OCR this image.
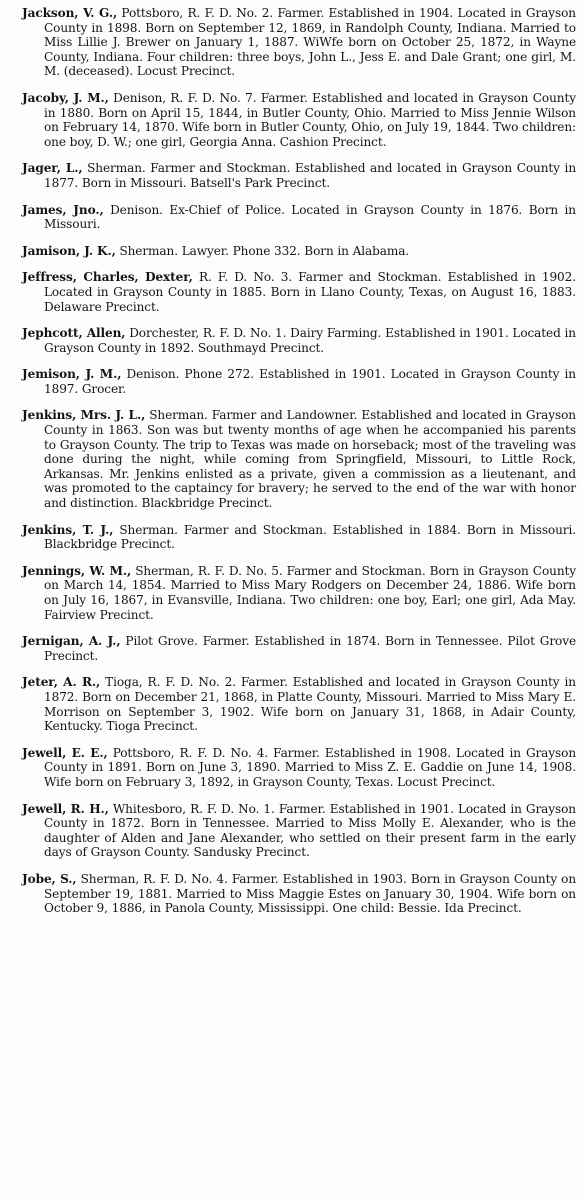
Jackson, V. G., Pottsboro, R. F. D. No. 2. Farmer. Established in 1904. Located in Grayson County in 1898. Born on September 12, 1869, in Randolph County, Indiana. Married to Miss Lillie J. Brewer on January 1, 1887. WiWfe born on October 25, 1872, in Wayne County, Indiana. Four children: three boys, John L., Jess E. and Dale Grant; one girl, M. M. (deceased). Locust Precinct.

Jacoby, J. M., Denison, R. F. D. No. 7. Farmer. Established and located in Grayson County in 1880. Born on April 15, 1844, in Butler County, Ohio. Married to Miss Jennie Wilson on February 14, 1870. Wife born in Butler County, Ohio, on July 19, 1844. Two children: one boy, D. W.; one girl, Georgia Anna. Cashion Precinct.

Jager, L., Sherman. Farmer and Stockman. Established and located in Grayson County in 1877. Born in Missouri. Batsell's Park Precinct.

James, Jno., Denison. Ex-Chief of Police. Located in Grayson County in 1876. Born in Missouri.

Jamison, J. K., Sherman. Lawyer. Phone 332. Born in Alabama.

Jeffress, Charles, Dexter, R. F. D. No. 3. Farmer and Stockman. Established in 1902. Located in Grayson County in 1885. Born in Llano County, Texas, on August 16, 1883. Delaware Precinct.

Jephcott, Allen, Dorchester, R. F. D. No. 1. Dairy Farming. Established in 1901. Located in Grayson County in 1892. Southmayd Precinct.

Jemison, J. M., Denison. Phone 272. Established in 1901. Located in Grayson County in 1897. Grocer.

Jenkins, Mrs. J. L., Sherman. Farmer and Landowner. Established and located in Grayson County in 1863. Son was but twenty months of age when he accompanied his parents to Grayson County. The trip to Texas was made on horseback; most of the traveling was done during the night, while coming from Springfield, Missouri, to Little Rock, Arkansas. Mr. Jenkins enlisted as a private, given a commission as a lieutenant, and was promoted to the captaincy for bravery; he served to the end of the war with honor and distinction. Blackbridge Precinct.

Jenkins, T. J., Sherman. Farmer and Stockman. Established in 1884. Born in Missouri. Blackbridge Precinct.

Jennings, W. M., Sherman, R. F. D. No. 5. Farmer and Stockman. Born in Grayson County on March 14, 1854. Married to Miss Mary Rodgers on December 24, 1886. Wife born on July 16, 1867, in Evansville, Indiana. Two children: one boy, Earl; one girl, Ada May. Fairview Precinct.

Jernigan, A. J., Pilot Grove. Farmer. Established in 1874. Born in Tennessee. Pilot Grove Precinct.

Jeter, A. R., Tioga, R. F. D. No. 2. Farmer. Established and located in Grayson County in 1872. Born on December 21, 1868, in Platte County, Missouri. Married to Miss Mary E. Morrison on September 3, 1902. Wife born on January 31, 1868, in Adair County, Kentucky. Tioga Precinct.

Jewell, E. E., Pottsboro, R. F. D. No. 4. Farmer. Established in 1908. Located in Grayson County in 1891. Born on June 3, 1890. Married to Miss Z. E. Gaddie on June 14, 1908. Wife born on February 3, 1892, in Grayson County, Texas. Locust Precinct.

Jewell, R. H., Whitesboro, R. F. D. No. 1. Farmer. Established in 1901. Located in Grayson County in 1872. Born in Tennessee. Married to Miss Molly E. Alexander, who is the daughter of Alden and Jane Alexander, who settled on their present farm in the early days of Grayson County. Sandusky Precinct.

Jobe, S., Sherman, R. F. D. No. 4. Farmer. Established in 1903. Born in Grayson County on September 19, 1881. Married to Miss Maggie Estes on January 30, 1904. Wife born on October 9, 1886, in Panola County, Mississippi. One child: Bessie. Ida Precinct.
